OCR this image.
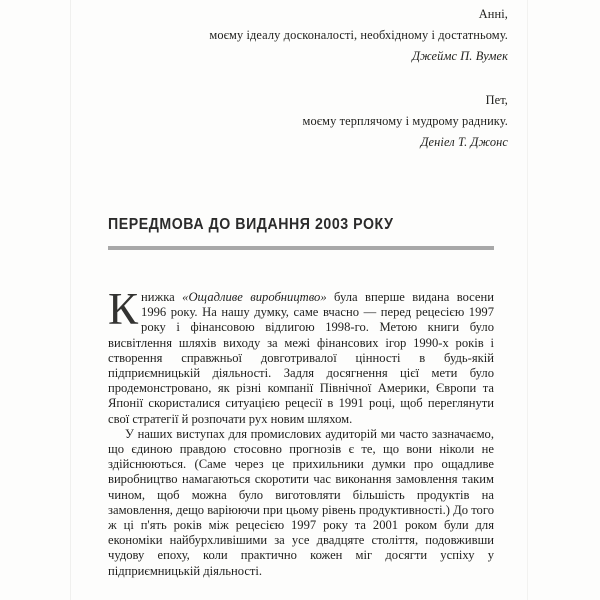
Анні,
моєму ідеалу досконалості, необхідному і достатньому.
Джеймс П. Вумек
Пет,
моєму терплячому і мудрому раднику.
Деніел Т. Джонс
ПЕРЕДМОВА ДО ВИДАННЯ 2003 РОКУ

Книжка «Ощадливе виробництво» була вперше видана восени 1996 року. На нашу думку, саме вчасно — перед рецесією 1997 року і фінансовою відлигою 1998-го. Метою книги було висвітлення шляхів виходу за межі фінансових ігор 1990-х років і створення справжньої довготривалої цінності в будь-якій підприємницькій діяльності. Задля досягнення цієї мети було продемонстровано, як різні компанії Північної Америки, Європи та Японії скористалися ситуацією рецесії в 1991 році, щоб переглянути свої стратегії й розпочати рух новим шляхом.

У наших виступах для промислових аудиторій ми часто зазначаємо, що єдиною правдою стосовно прогнозів є те, що вони ніколи не здійснюються. (Саме через це прихильники думки про ощадливе виробництво намагаються скоротити час виконання замовлення таким чином, щоб можна було виготовляти більшість продуктів на замовлення, дещо варіюючи при цьому рівень продуктивності.) До того ж ці п'ять років між рецесією 1997 року та 2001 роком були для економіки найбурхливішими за усе двадцяте століття, подовживши чудову епоху, коли практично кожен міг досягти успіху у підприємницькій діяльності.
